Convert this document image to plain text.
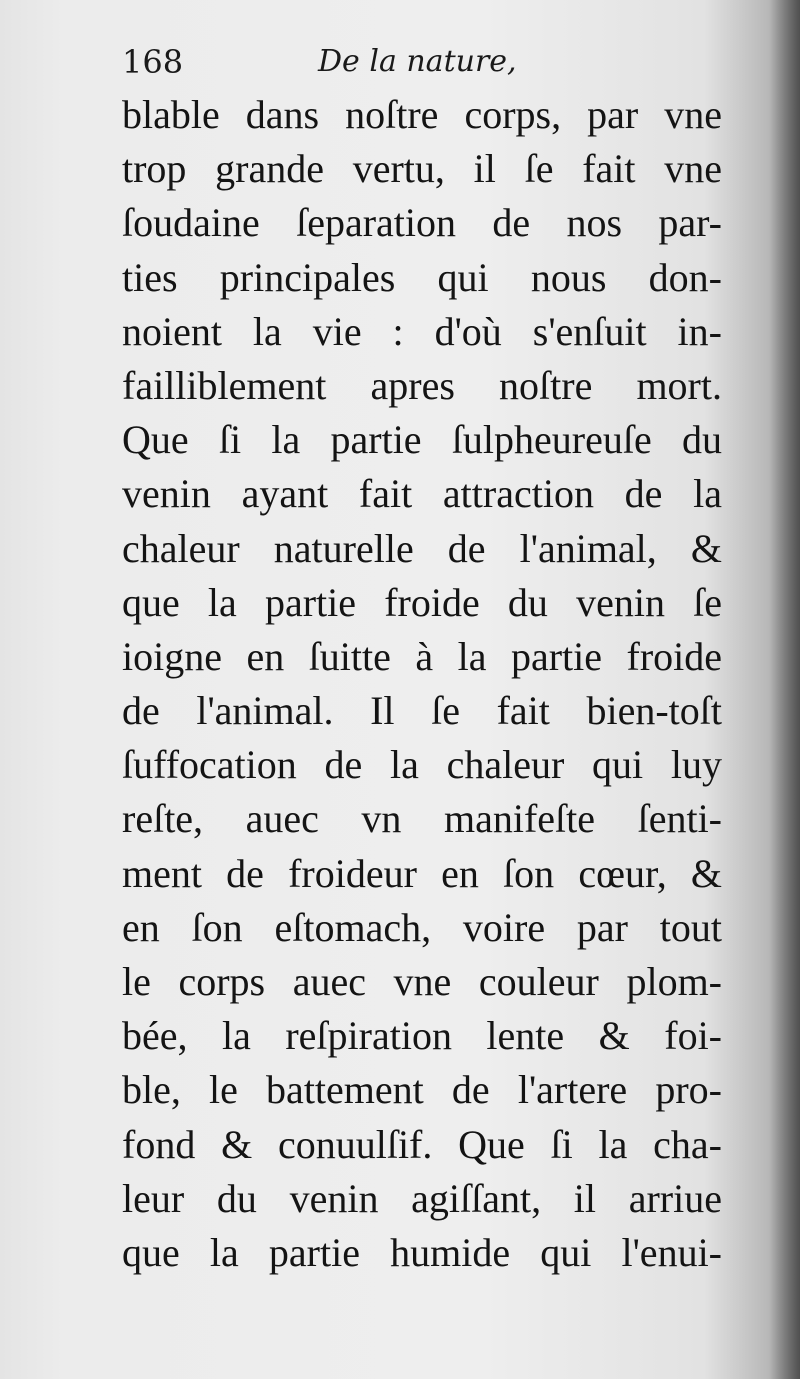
168	De la nature,
blable dans noſtre corps, par vne
trop grande vertu, il ſe fait vne
ſoudaine ſeparation de nos par-
ties principales qui nous don-
noient la vie : d'où s'enſuit in-
failliblement apres noſtre mort.
Que ſi la partie ſulpheureuſe du
venin ayant fait attraction de la
chaleur naturelle de l'animal, &
que la partie froide du venin ſe
ioigne en ſuitte à la partie froide
de l'animal. Il ſe fait bien-toſt
ſuffocation de la chaleur qui luy
reſte, auec vn manifeſte ſenti-
ment de froideur en ſon cœur, &
en ſon eſtomach, voire par tout
le corps auec vne couleur plom-
bée, la reſpiration lente & foi-
ble, le battement de l'artere pro-
fond & conuulſif. Que ſi la cha-
leur du venin agiſſant, il arriue
que la partie humide qui l'enui-
